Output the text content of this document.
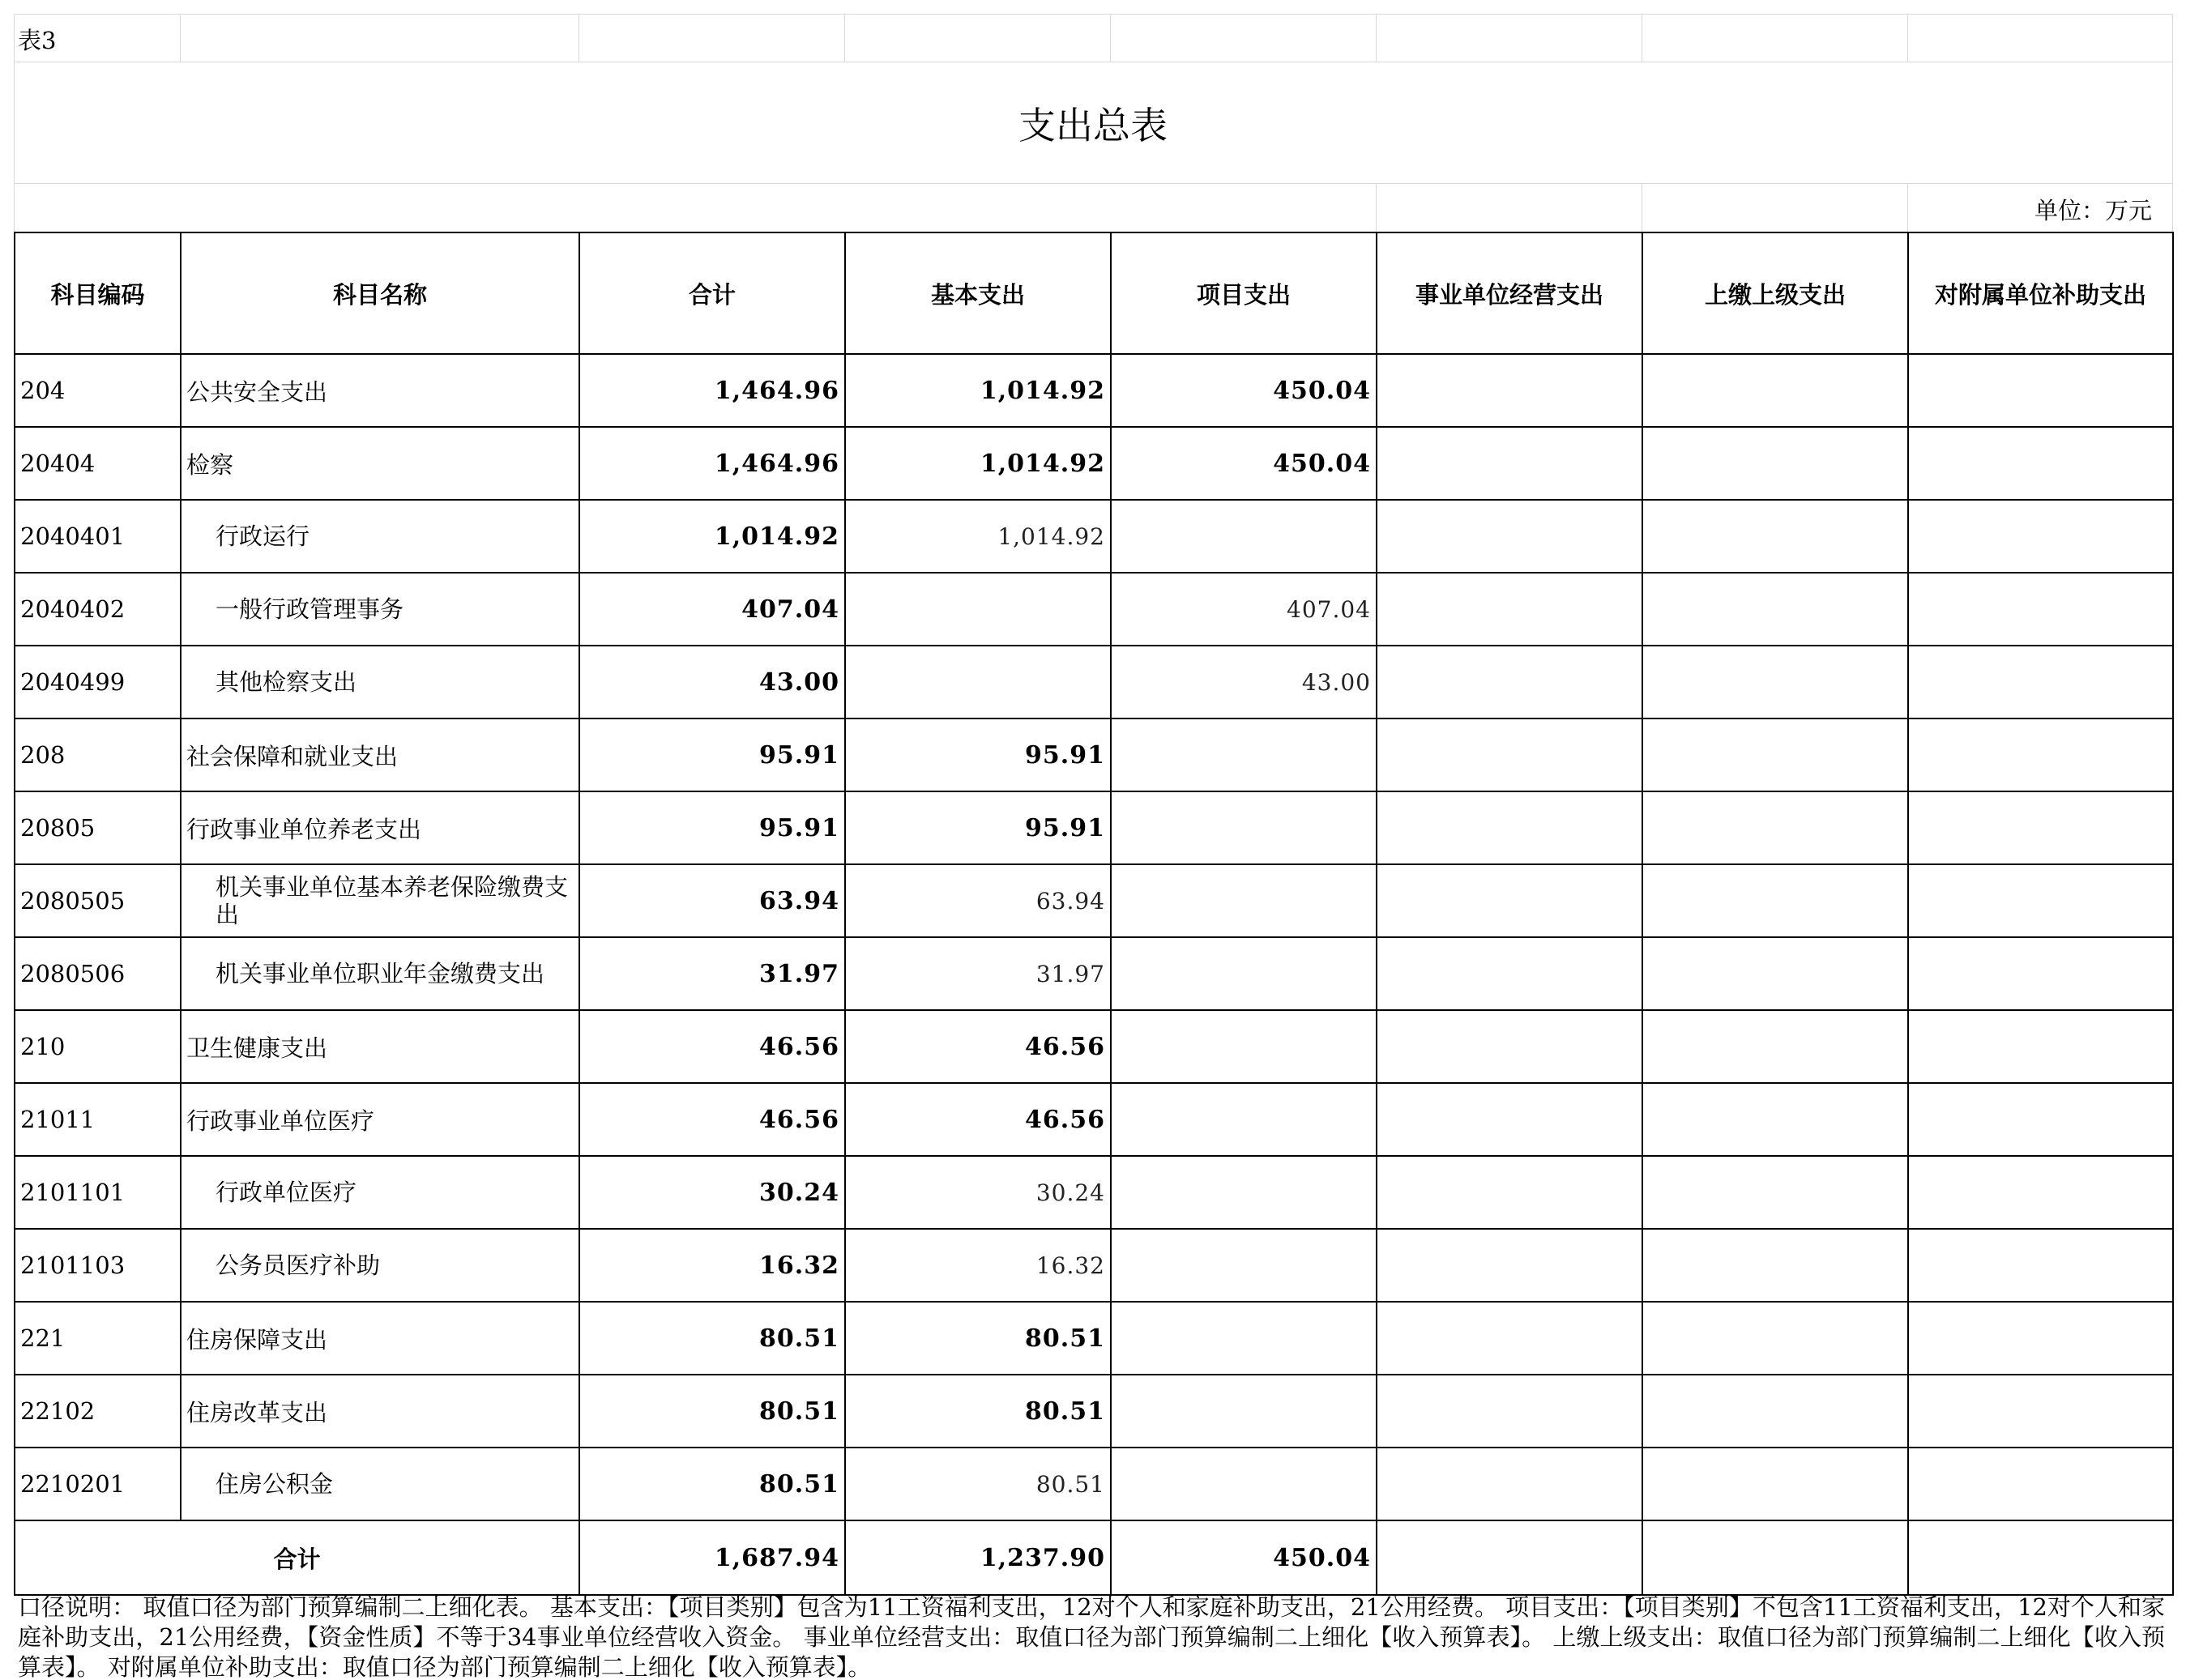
表3
支出总表
单位：万元
科目编码	科目名称	合计	基本支出	项目支出	事业单位经营支出	上缴上级支出	对附属单位补助支出
204	公共安全支出	1,464.96	1,014.92	450.04			
20404	检察	1,464.96	1,014.92	450.04			
2040401	行政运行	1,014.92	1,014.92				
2040402	一般行政管理事务	407.04		407.04			
2040499	其他检察支出	43.00		43.00			
208	社会保障和就业支出	95.91	95.91				
20805	行政事业单位养老支出	95.91	95.91				
2080505	机关事业单位基本养老保险缴费支出	63.94	63.94				
2080506	机关事业单位职业年金缴费支出	31.97	31.97				
210	卫生健康支出	46.56	46.56				
21011	行政事业单位医疗	46.56	46.56				
2101101	行政单位医疗	30.24	30.24				
2101103	公务员医疗补助	16.32	16.32				
221	住房保障支出	80.51	80.51				
22102	住房改革支出	80.51	80.51				
2210201	住房公积金	80.51	80.51				
合计		1,687.94	1,237.90	450.04			
口径说明： 取值口径为部门预算编制二上细化表。 基本支出：【项目类别】包含为11工资福利支出，12对个人和家庭补助支出，21公用经费。 项目支出：【项目类别】不包含11工资福利支出，12对个人和家庭补助支出，21公用经费，【资金性质】不等于34事业单位经营收入资金。 事业单位经营支出：取值口径为部门预算编制二上细化【收入预算表】。 上缴上级支出：取值口径为部门预算编制二上细化【收入预算表】。 对附属单位补助支出：取值口径为部门预算编制二上细化【收入预算表】。
